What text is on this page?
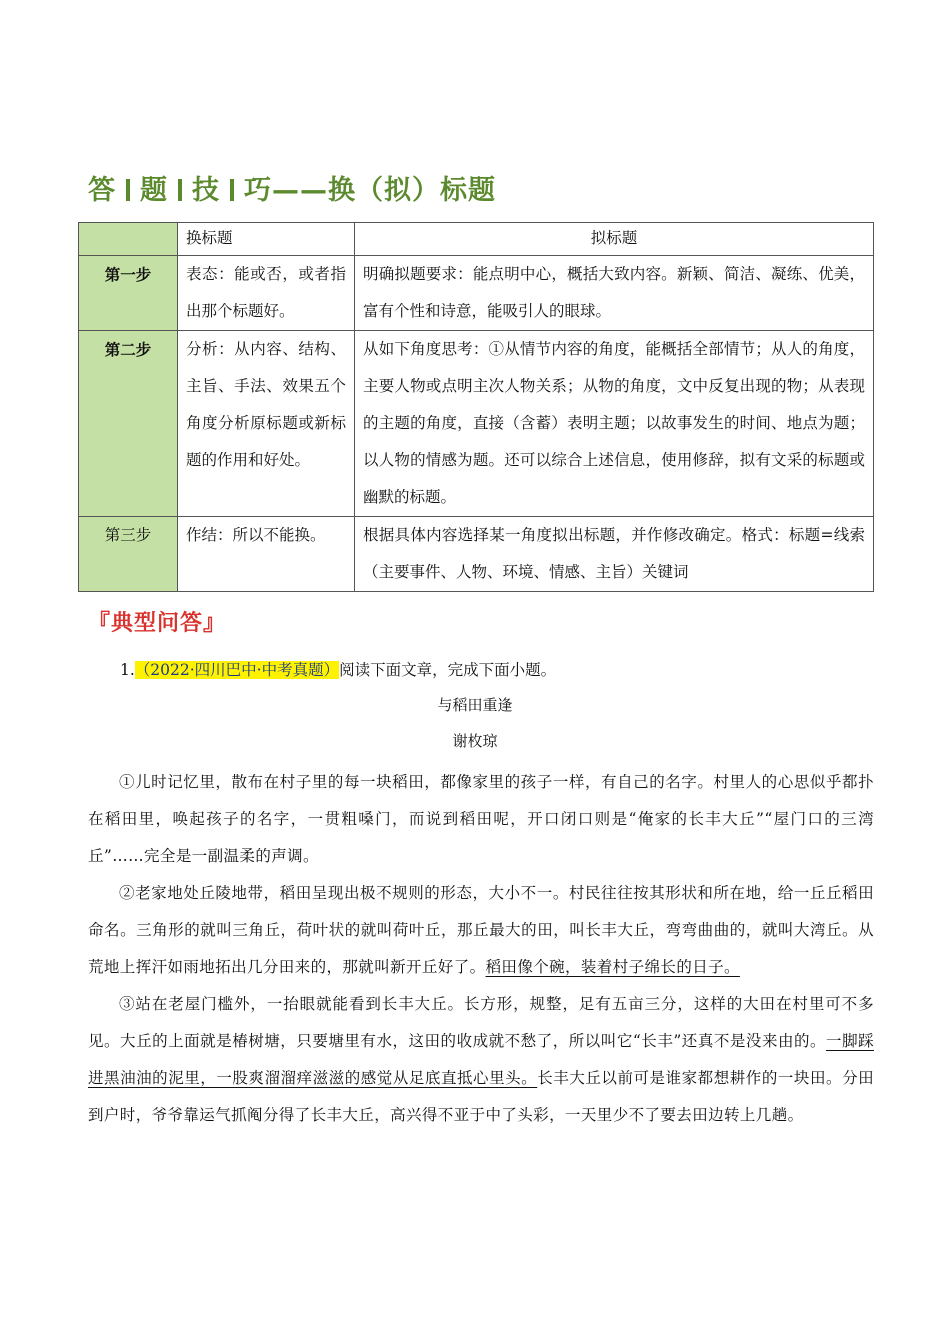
答 题 技 巧——换（拟）标题
	换标题	拟标题
第一步	表态：能或否，或者指出那个标题好。	明确拟题要求：能点明中心，概括大致内容。新颖、简洁、凝练、优美，富有个性和诗意，能吸引人的眼球。
第二步	分析：从内容、结构、主旨、手法、效果五个角度分析原标题或新标题的作用和好处。	从如下角度思考：①从情节内容的角度，能概括全部情节；从人的角度，主要人物或点明主次人物关系；从物的角度，文中反复出现的物；从表现的主题的角度，直接（含蓄）表明主题；以故事发生的时间、地点为题；以人物的情感为题。还可以综合上述信息，使用修辞，拟有文采的标题或幽默的标题。
第三步	作结：所以不能换。	根据具体内容选择某一角度拟出标题，并作修改确定。格式：标题=线索（主要事件、人物、环境、情感、主旨）关键词
『典型问答』
1.（2022·四川巴中·中考真题）阅读下面文章，完成下面小题。
与稻田重逢
谢枚琼

①儿时记忆里，散布在村子里的每一块稻田，都像家里的孩子一样，有自己的名字。村里人的心思似乎都扑在稻田里，唤起孩子的名字，一贯粗嗓门，而说到稻田呢，开口闭口则是“俺家的长丰大丘”“屋门口的三湾丘”……完全是一副温柔的声调。

②老家地处丘陵地带，稻田呈现出极不规则的形态，大小不一。村民往往按其形状和所在地，给一丘丘稻田命名。三角形的就叫三角丘，荷叶状的就叫荷叶丘，那丘最大的田，叫长丰大丘，弯弯曲曲的，就叫大湾丘。从荒地上挥汗如雨地拓出几分田来的，那就叫新开丘好了。稻田像个碗，装着村子绵长的日子。

③站在老屋门槛外，一抬眼就能看到长丰大丘。长方形，规整，足有五亩三分，这样的大田在村里可不多见。大丘的上面就是椿树塘，只要塘里有水，这田的收成就不愁了，所以叫它“长丰”还真不是没来由的。一脚踩进黑油油的泥里，一股爽溜溜痒滋滋的感觉从足底直抵心里头。长丰大丘以前可是谁家都想耕作的一块田。分田到户时，爷爷靠运气抓阄分得了长丰大丘，高兴得不亚于中了头彩，一天里少不了要去田边转上几趟。
